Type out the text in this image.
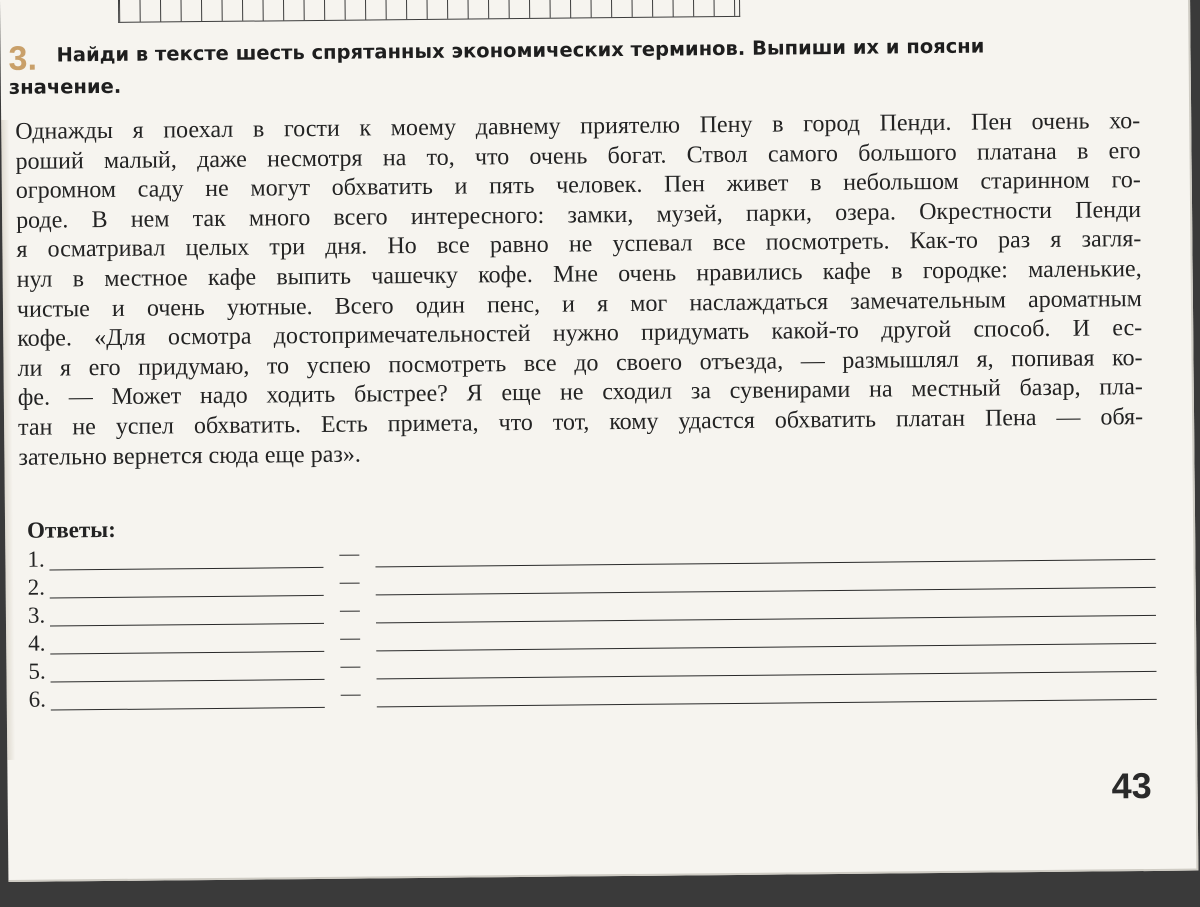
3. Найди в тексте шесть спрятанных экономических терминов. Выпиши их и поясни
значение.

Однажды я поехал в гости к моему давнему приятелю Пену в город Пенди. Пен очень хо-
роший малый, даже несмотря на то, что очень богат. Ствол самого большого платана в его
огромном саду не могут обхватить и пять человек. Пен живет в небольшом старинном го-
роде. В нем так много всего интересного: замки, музей, парки, озера. Окрестности Пенди
я осматривал целых три дня. Но все равно не успевал все посмотреть. Как-то раз я загля-
нул в местное кафе выпить чашечку кофе. Мне очень нравились кафе в городке: маленькие,
чистые и очень уютные. Всего один пенс, и я мог наслаждаться замечательным ароматным
кофе. «Для осмотра достопримечательностей нужно придумать какой-то другой способ. И ес-
ли я его придумаю, то успею посмотреть все до своего отъезда, — размышлял я, попивая ко-
фе. — Может надо ходить быстрее? Я еще не сходил за сувенирами на местный базар, пла-
тан не успел обхватить. Есть примета, что тот, кому удастся обхватить платан Пена — обя-
зательно вернется сюда еще раз».
Ответы:
1.
2.
3.
4.
5.
6.
43
